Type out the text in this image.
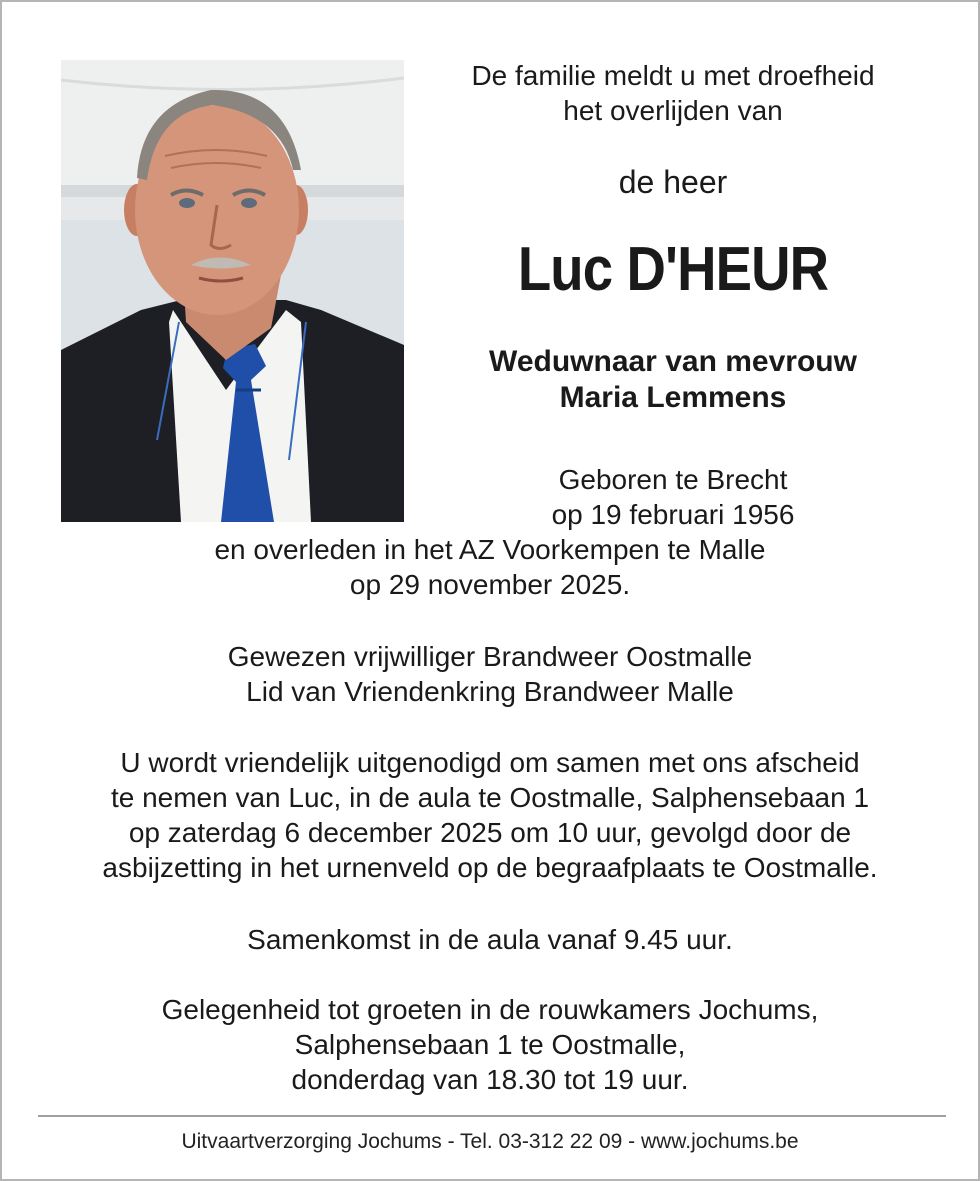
De familie meldt u met droefheid
het overlijden van
de heer
Luc D'HEUR
Weduwnaar van mevrouw
Maria Lemmens
Geboren te Brecht
op 19 februari 1956
en overleden in het AZ Voorkempen te Malle
op 29 november 2025.
Gewezen vrijwilliger Brandweer Oostmalle
Lid van Vriendenkring Brandweer Malle
U wordt vriendelijk uitgenodigd om samen met ons afscheid
te nemen van Luc, in de aula te Oostmalle, Salphensebaan 1
op zaterdag 6 december 2025 om 10 uur, gevolgd door de
asbijzetting in het urnenveld op de begraafplaats te Oostmalle.
Samenkomst in de aula vanaf 9.45 uur.
Gelegenheid tot groeten in de rouwkamers Jochums,
Salphensebaan 1 te Oostmalle,
donderdag van 18.30 tot 19 uur.
Uitvaartverzorging Jochums - Tel. 03-312 22 09 - www.jochums.be
